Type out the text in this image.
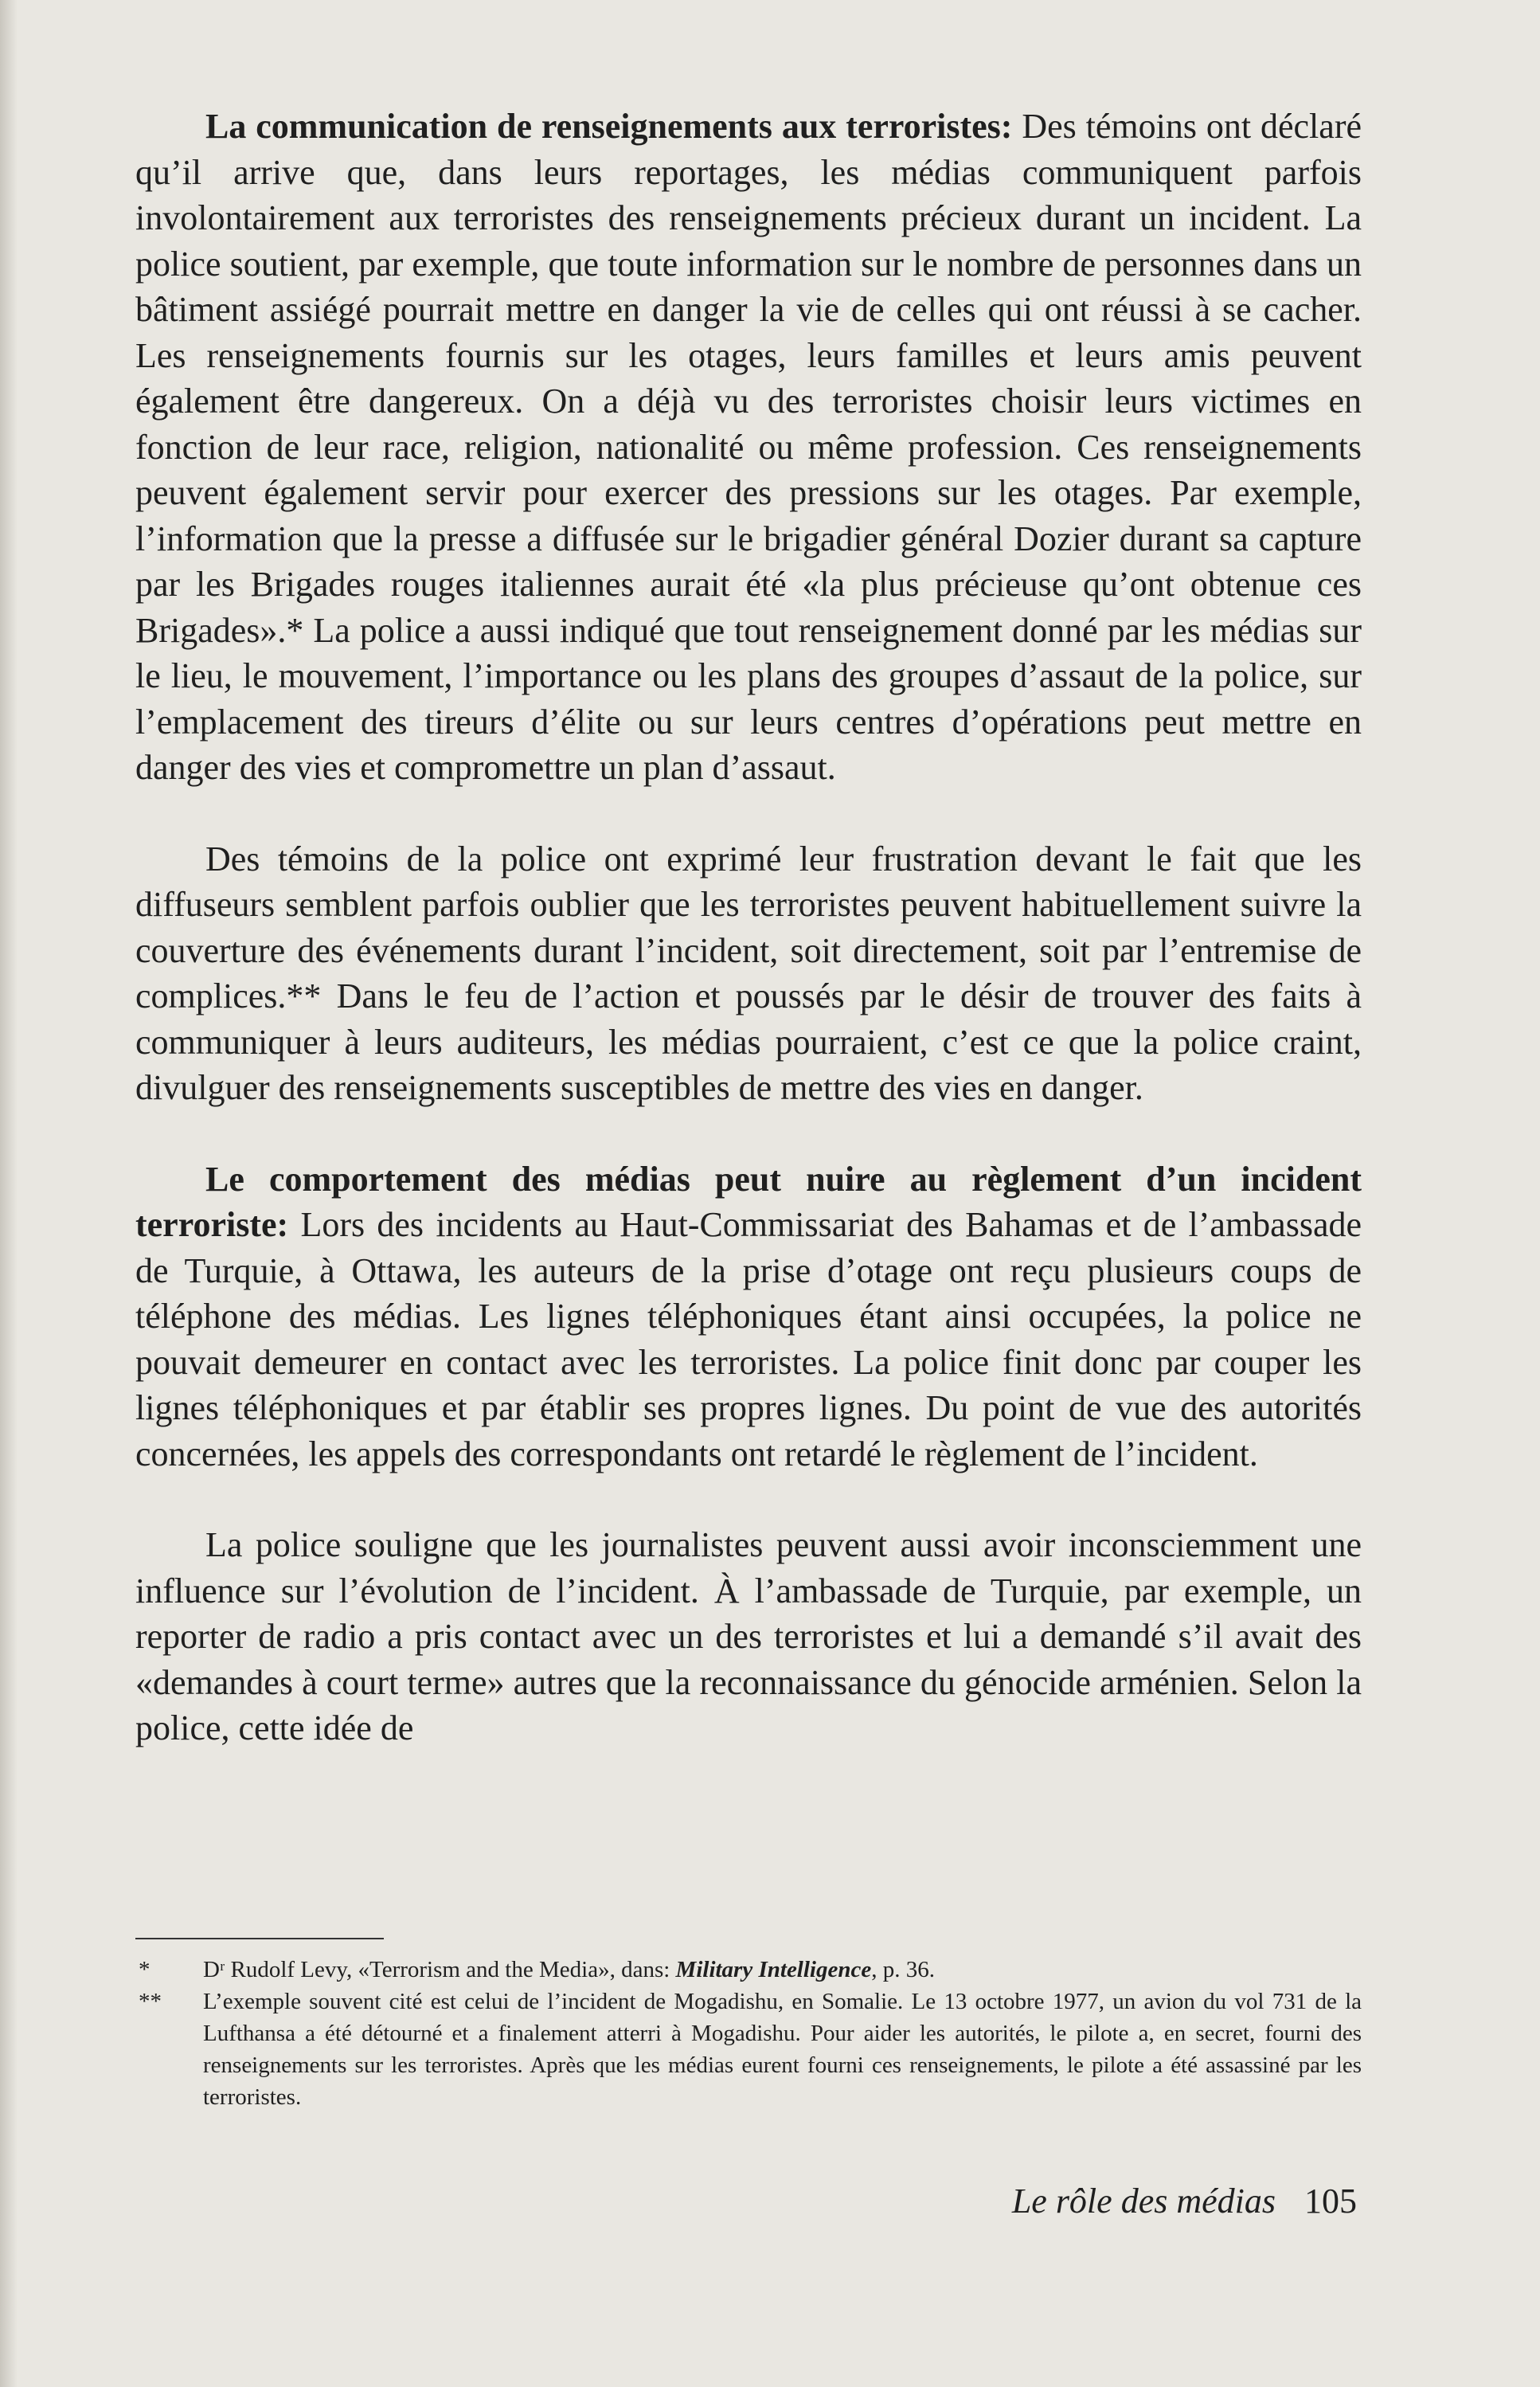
La communication de renseignements aux terroristes: Des témoins ont déclaré qu’il arrive que, dans leurs reportages, les médias communiquent parfois involontairement aux terroristes des renseignements précieux durant un incident. La police soutient, par exemple, que toute information sur le nombre de personnes dans un bâtiment assiégé pourrait mettre en danger la vie de celles qui ont réussi à se cacher. Les renseignements fournis sur les otages, leurs familles et leurs amis peuvent également être dangereux. On a déjà vu des terroristes choisir leurs victimes en fonction de leur race, religion, nationalité ou même profession. Ces renseignements peuvent également servir pour exercer des pressions sur les otages. Par exemple, l’information que la presse a diffusée sur le brigadier général Dozier durant sa capture par les Brigades rouges italiennes aurait été «la plus précieuse qu’ont obtenue ces Brigades».* La police a aussi indiqué que tout renseignement donné par les médias sur le lieu, le mouvement, l’importance ou les plans des groupes d’assaut de la police, sur l’emplacement des tireurs d’élite ou sur leurs centres d’opérations peut mettre en danger des vies et compromettre un plan d’assaut.

Des témoins de la police ont exprimé leur frustration devant le fait que les diffuseurs semblent parfois oublier que les terroristes peuvent habituellement suivre la couverture des événements durant l’incident, soit directement, soit par l’entremise de complices.** Dans le feu de l’action et poussés par le désir de trouver des faits à communiquer à leurs auditeurs, les médias pourraient, c’est ce que la police craint, divulguer des renseignements susceptibles de mettre des vies en danger.

Le comportement des médias peut nuire au règlement d’un incident terroriste: Lors des incidents au Haut-Commissariat des Bahamas et de l’ambassade de Turquie, à Ottawa, les auteurs de la prise d’otage ont reçu plusieurs coups de téléphone des médias. Les lignes téléphoniques étant ainsi occupées, la police ne pouvait demeurer en contact avec les terroristes. La police finit donc par couper les lignes téléphoniques et par établir ses propres lignes. Du point de vue des autorités concernées, les appels des correspondants ont retardé le règlement de l’incident.

La police souligne que les journalistes peuvent aussi avoir inconsciemment une influence sur l’évolution de l’incident. À l’ambassade de Turquie, par exemple, un reporter de radio a pris contact avec un des terroristes et lui a demandé s’il avait des «demandes à court terme» autres que la reconnaissance du génocide arménien. Selon la police, cette idée de

*	Dʳ Rudolf Levy, «Terrorism and the Media», dans: Military Intelligence, p. 36.
**	L’exemple souvent cité est celui de l’incident de Mogadishu, en Somalie. Le 13 octobre 1977, un avion du vol 731 de la Lufthansa a été détourné et a finalement atterri à Mogadishu. Pour aider les autorités, le pilote a, en secret, fourni des renseignements sur les terroristes. Après que les médias eurent fourni ces renseignements, le pilote a été assassiné par les terroristes.
Le rôle des médias 105
